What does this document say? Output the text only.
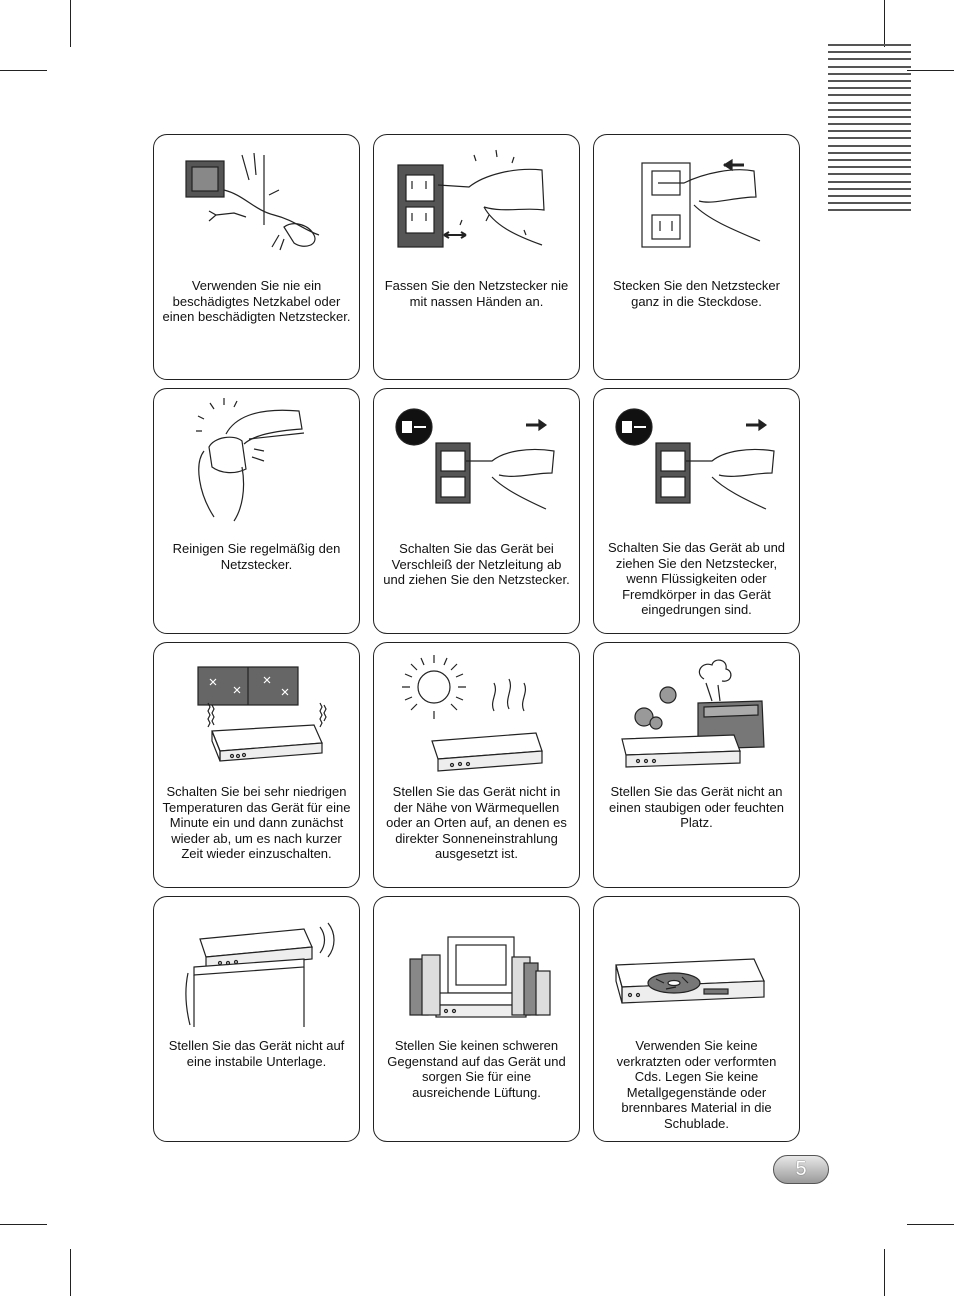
Verwenden Sie nie ein beschädigtes Netzkabel oder einen beschädigten Netzstecker.
Fassen Sie den Netzstecker nie mit nassen Händen an.
Stecken Sie den Netzstecker ganz in die Steckdose.
Reinigen Sie regelmäßig den Netzstecker.
Schalten Sie das Gerät bei Verschleiß der Netzleitung ab und ziehen Sie den Netzstecker.
Schalten Sie das Gerät ab und ziehen Sie den Netzstecker, wenn Flüssigkeiten oder Fremdkörper in das Gerät eingedrungen sind.
Schalten Sie bei sehr niedrigen Temperaturen das Gerät für eine Minute ein und dann zunächst wieder ab, um es nach kurzer Zeit wieder einzuschalten.
Stellen Sie das Gerät nicht in der Nähe von Wärmequellen oder an Orten auf, an denen es direkter Sonneneinstrahlung ausgesetzt ist.
Stellen Sie das Gerät nicht an einen staubigen oder feuchten Platz.
Stellen Sie das Gerät nicht auf eine instabile Unterlage.
Stellen Sie keinen schweren Gegenstand auf das Gerät und sorgen Sie für eine ausreichende Lüftung.
Verwenden Sie keine verkratzten oder verformten Cds. Legen Sie keine Metallgegenstände oder brennbares Material in die Schublade.
5
